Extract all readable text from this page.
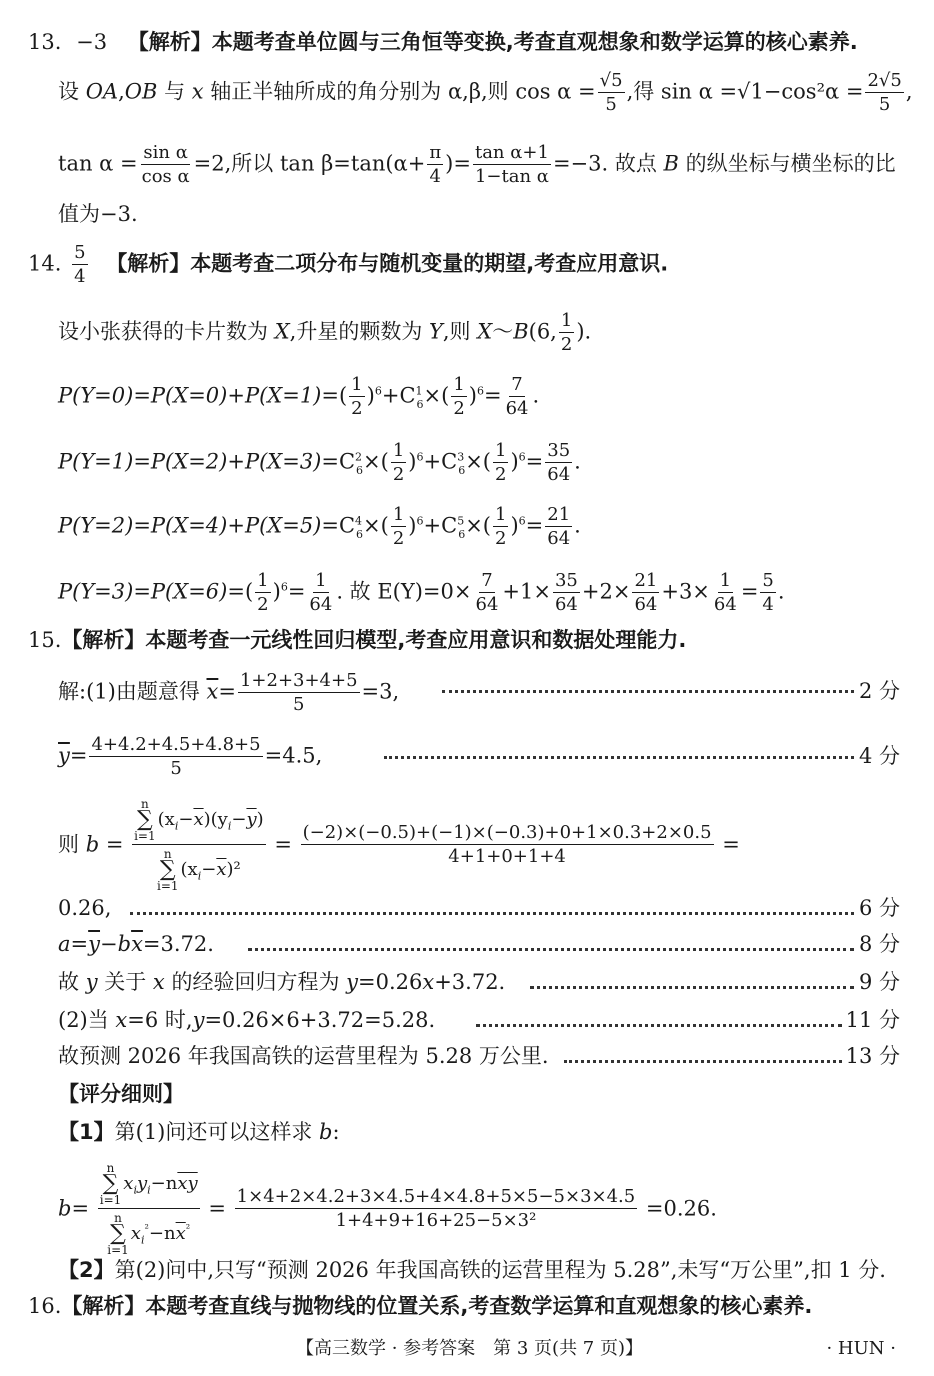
13. −3 【解析】本题考查单位圆与三角恒等变换,考查直观想象和数学运算的核心素养.
设 OA,OB 与 x 轴正半轴所成的角分别为 α,β,则 $\cos \alpha = \frac{√5}{5}$ ,得 $\sin \alpha =√1-\cos^2\alpha = \frac{2√5}{5}$ ,
$\tan \alpha = \frac{\text{sin α}}{\text{cos α}} =2$,所以 $\tan \beta=\tan(\alpha+ \frac{\pi}{4}$ )= $\frac{\text{tan α+1}}{\text{1−tan α}} =-3$. 故点 B 的纵坐标与横坐标的比
值为−3.
14. $\frac{5}{4}$ 【解析】本题考查二项分布与随机变量的期望,考查应用意识.
设小张获得的卡片数为 X,升星的颗数为 Y,则 X～B(6, $\frac{1}{2}$ ).
$P(Y=0)=P(X=0)+P(X=1)=( \frac{1}{2} )^6+C^1_6\times( \frac{1}{2} )^6= \frac{7}{64}$ .
$P(Y=1)=P(X=2)+P(X=3)=C^2_6\times( \frac{1}{2} )^6+C^3_6\times( \frac{1}{2} )^6= \frac{35}{64}$ .
$P(Y=2)=P(X=4)+P(X=5)=C^4_6\times( \frac{1}{2} )^6+C^5_6\times( \frac{1}{2} )^6= \frac{21}{64}$ .
$P(Y=3)=P(X=6)=( \frac{1}{2} )^6= \frac{1}{64}$ . 故 $E(Y)=0\times \frac{7}{64} +1\times \frac{35}{64} +2\times \frac{21}{64} +3\times \frac{1}{64} = \frac{5}{4}$ .
15.【解析】本题考查一元线性回归模型,考查应用意识和数据处理能力.
解:(1)由题意得 $\overline{x}= \frac{1+2+3+4+5}{5} =3$,	2 分
$\overline{y}= \frac{4+4.2+4.5+4.8+5}{5} =4.5$,	4 分
则 b = n
∑
i=1
$(x_i-\overline{x})(y_i-\overline{y})$
n
∑
i=1
$(x_i-\overline{x})^2 = \frac{(-2)\times(-0.5)+(-1)\times(-0.3)+0+1\times 0.3+2\times 0.5}{4+1+0+1+4}$ =
0.26,	6 分
$a=\overline{y}-b\overline{x}=3.72$.	8 分
故 y 关于 x 的经验回归方程为 y=0.26x+3.72.	9 分
(2)当 x=6 时,y=0.26×6+3.72=5.28.	11 分
故预测 2026 年我国高铁的运营里程为 5.28 万公里.	13 分
【评分细则】
【1】第(1)问还可以这样求 b:
b=
n
∑
i=1
$x_iy_i-n\overline{x}\overline{y}$
n
∑
i=1
$x_i^{^2}-n\overline{x}^{^2}$
= $\frac{1\times 4+2\times 4.2+3\times 4.5+4\times 4.8+5\times 5-5\times 3\times 4.5}{\text{1+4+9+16+25−5×3²}} =0.26$.
【2】第(2)问中,只写“预测 2026 年我国高铁的运营里程为 5.28”,未写“万公里”,扣 1 分.
16.【解析】本题考查直线与抛物线的位置关系,考查数学运算和直观想象的核心素养.
【高三数学 · 参考答案　第 3 页(共 7 页)】	· HUN ·
